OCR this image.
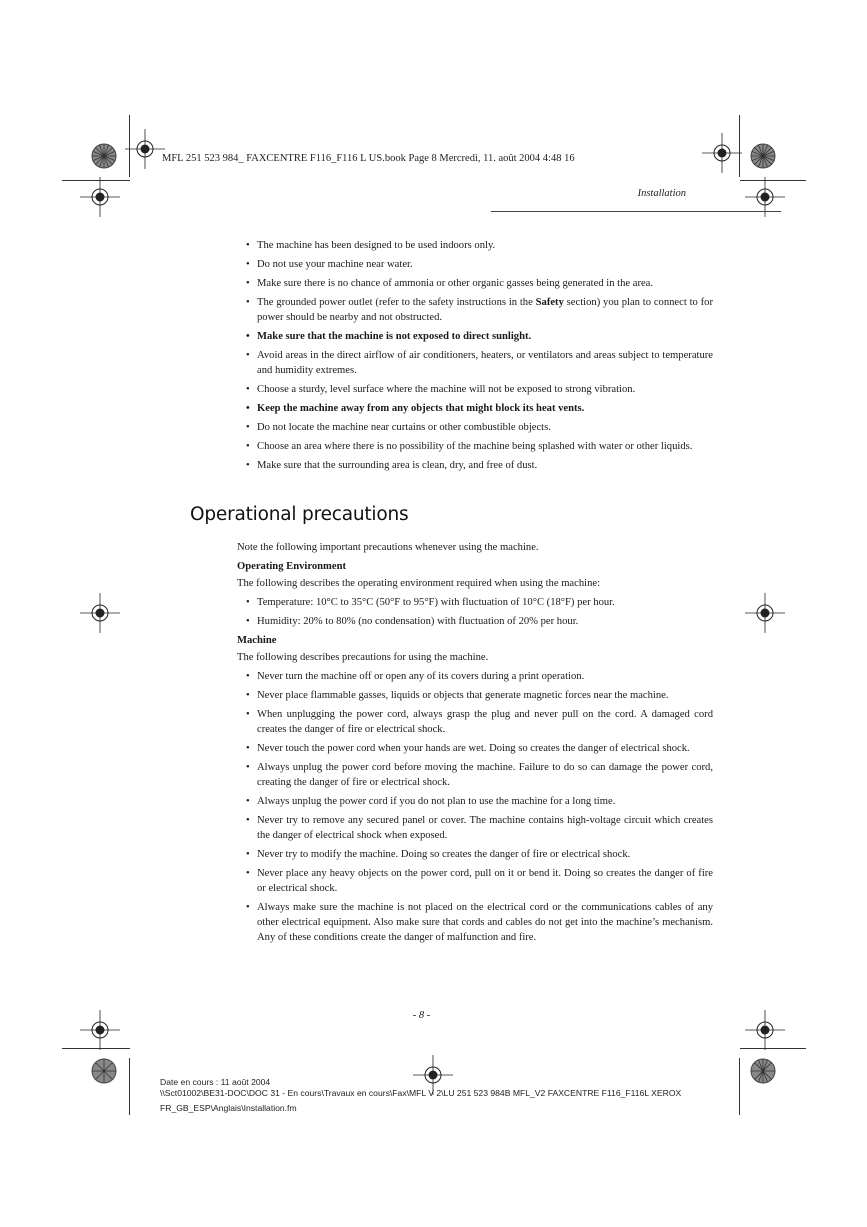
MFL 251 523 984_ FAXCENTRE F116_F116 L US.book Page 8 Mercredi, 11. août 2004 4:48 16
Installation
• The machine has been designed to be used indoors only.
• Do not use your machine near water.
• Make sure there is no chance of ammonia or other organic gasses being generated in the area.
• The grounded power outlet (refer to the safety instructions in the Safety section) you plan to connect to for power should be nearby and not obstructed.
• Make sure that the machine is not exposed to direct sunlight.
• Avoid areas in the direct airflow of air conditioners, heaters, or ventilators and areas subject to temperature and humidity extremes.
• Choose a sturdy, level surface where the machine will not be exposed to strong vibration.
• Keep the machine away from any objects that might block its heat vents.
• Do not locate the machine near curtains or other combustible objects.
• Choose an area where there is no possibility of the machine being splashed with water or other liquids.
• Make sure that the surrounding area is clean, dry, and free of dust.
Operational precautions

Note the following important precautions whenever using the machine.

Operating Environment

The following describes the operating environment required when using the machine:

• Temperature: 10°C to 35°C (50°F to 95°F) with fluctuation of 10°C (18°F) per hour.
• Humidity: 20% to 80% (no condensation) with fluctuation of 20% per hour.

Machine

The following describes precautions for using the machine.

• Never turn the machine off or open any of its covers during a print operation.
• Never place flammable gasses, liquids or objects that generate magnetic forces near the machine.
• When unplugging the power cord, always grasp the plug and never pull on the cord. A damaged cord creates the danger of fire or electrical shock.
• Never touch the power cord when your hands are wet. Doing so creates the danger of electrical shock.
• Always unplug the power cord before moving the machine. Failure to do so can damage the power cord, creating the danger of fire or electrical shock.
• Always unplug the power cord if you do not plan to use the machine for a long time.
• Never try to remove any secured panel or cover. The machine contains high-voltage circuit which creates the danger of electrical shock when exposed.
• Never try to modify the machine. Doing so creates the danger of fire or electrical shock.
• Never place any heavy objects on the power cord, pull on it or bend it. Doing so creates the danger of fire or electrical shock.
• Always make sure the machine is not placed on the electrical cord or the communications cables of any other electrical equipment. Also make sure that cords and cables do not get into the machine’s mechanism. Any of these conditions create the danger of malfunction and fire.
- 8 -
Date en cours : 11 août 2004
\\Sct01002\BE31-DOC\DOC 31 - En cours\Travaux en cours\Fax\MFL V 2\LU 251 523 984B MFL_V2 FAXCENTRE F116_F116L XEROX
FR_GB_ESP\Anglais\Installation.fm
